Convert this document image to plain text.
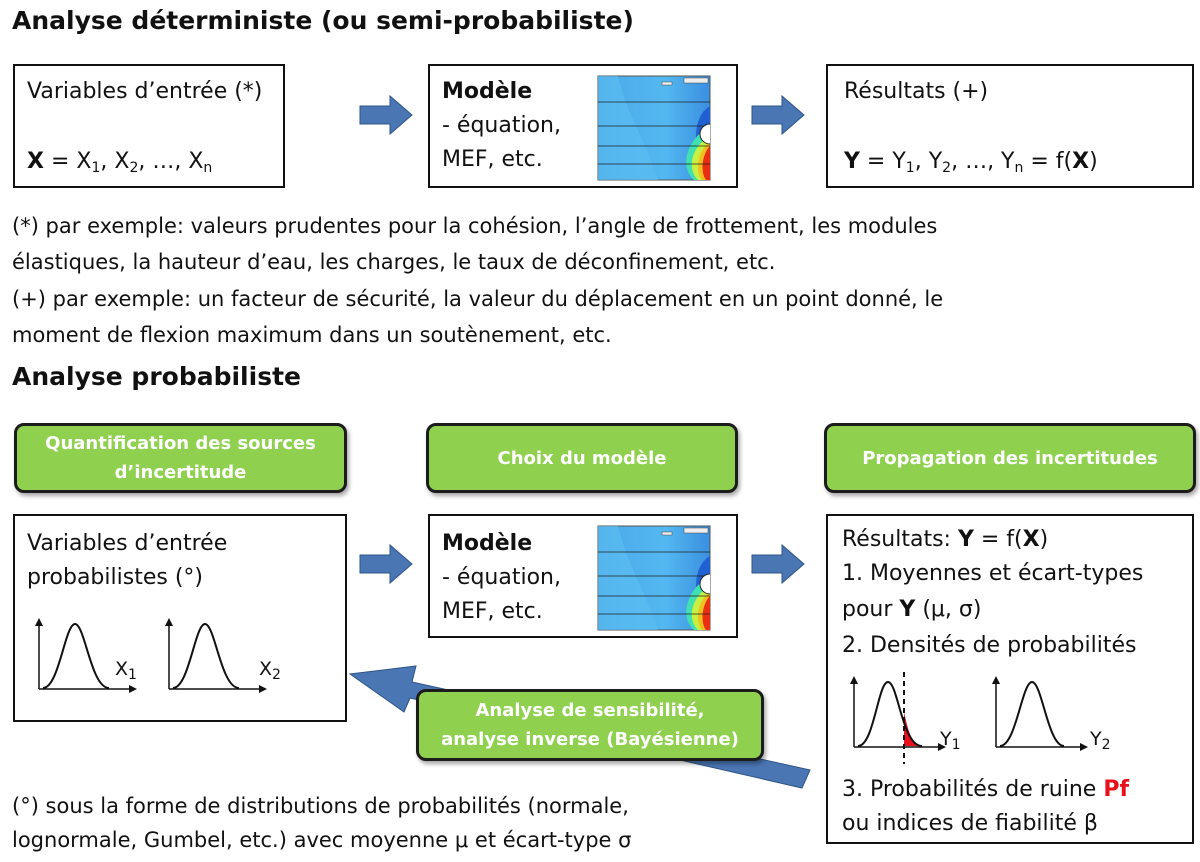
Analyse déterministe (ou semi-probabiliste)
Variables d’entrée (*)
$X = X_1$, $X_2$, …, $X_n$
Modèle
- équation,
MEF, etc.
Résultats (+)
$Y = Y_1$, $Y_2$, …, $Y_n = f(X)$
(*) par exemple: valeurs prudentes pour la cohésion, l’angle de frottement, les modules
élastiques, la hauteur d’eau, les charges, le taux de déconfinement, etc.
(+) par exemple: un facteur de sécurité, la valeur du déplacement en un point donné, le
moment de flexion maximum dans un soutènement, etc.
Analyse probabiliste
Quantification des sources
d’incertitude
Choix du modèle	Propagation des incertitudes
Variables d’entrée
probabilistes (°)
$X_1$	$X_2$
Modèle
- équation,
MEF, etc.
Analyse de sensibilité,
analyse inverse (Bayésienne)
Résultats: Y = f(X)
1. Moyennes et écart-types
pour Y (μ, σ)
2. Densités de probabilités
$Y_1$	$Y_2$
3. Probabilités de ruine Pf
ou indices de fiabilité β
(°) sous la forme de distributions de probabilités (normale,
lognormale, Gumbel, etc.) avec moyenne μ et écart-type σ
